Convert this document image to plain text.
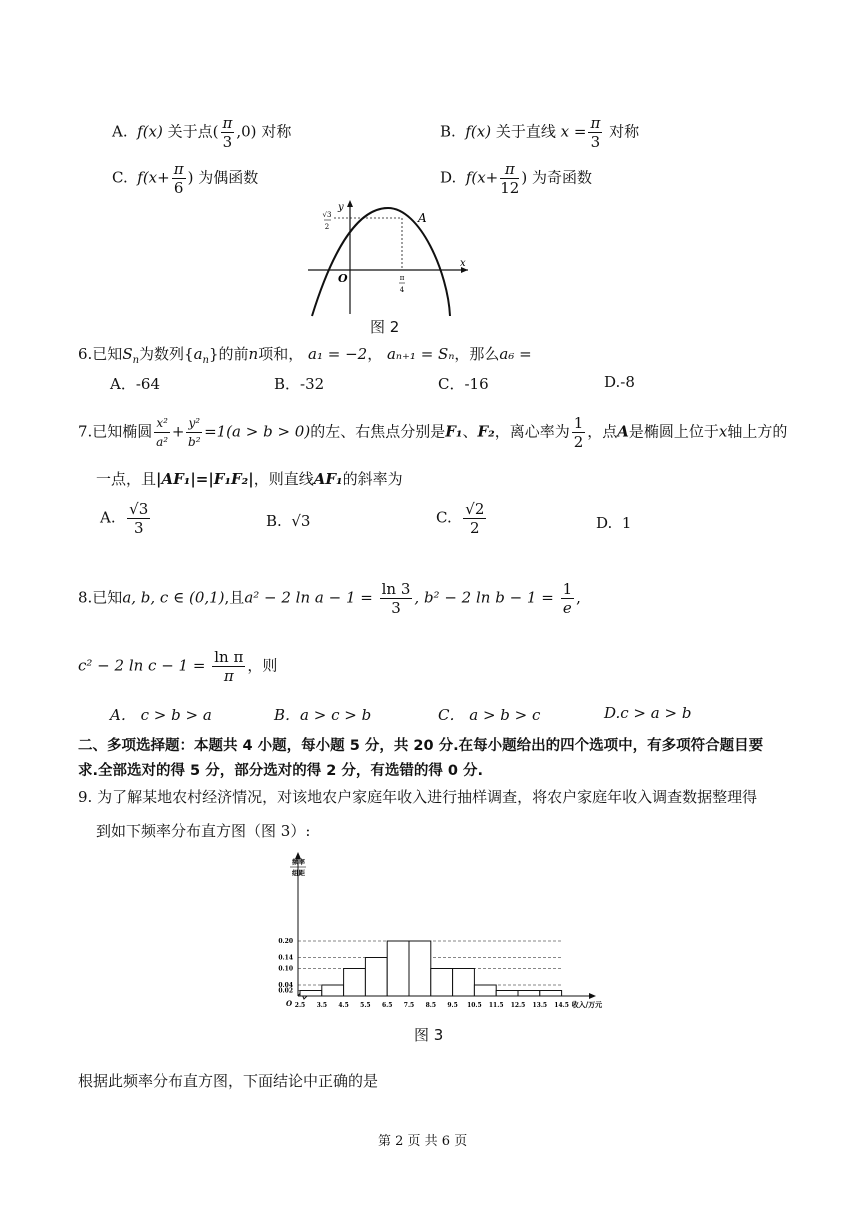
A. f(x) 关于点( $\frac{\pi}{3} ,0$) 对称	B. f(x) 关于直线 $x = \frac{\pi}{3}$ 对称
C. $f(x+ \frac{\pi}{6}$ ) 为偶函数	D. $f(x+ \frac{\pi}{12}$ ) 为奇函数
y
x
O
A
√3
2
π
4
图 2
6.已知$S_n$为数列$\{a_n\}$的前n项和， a₁ = −2， aₙ₊₁ = Sₙ，那么a₆ =
A．-64	B．-32	C．-16	D.-8
7.已知椭圆 $\frac{\text{x²}}{\text{a²}} + \frac{\text{y²}}{\text{b²}} =1(a > b > 0)$的左、右焦点分别是F₁、F₂，离心率为 $\frac{1}{2}$ ，点A是椭圆上位于x轴上方的
一点，且|AF₁|=|F₁F₂|，则直线AF₁的斜率为
A. $\frac{√3}{3}$	B. √3	C. $\frac{√2}{2}$	D. 1
8.已知a, b, c ∈ (0,1),且a² − 2 $\ln a - 1 = \frac{\ln 3}{3}$ , b² − 2 $\ln b - 1 = \frac{1}{e}$ ,
c² − 2 $\ln c - 1 = \frac{\text{ln π}}{\pi}$ ，则
A． c > b > a	B．a > c > b	C． a > b > c	D.c > a > b
二、多项选择题：本题共 4 小题，每小题 5 分，共 20 分.在每小题给出的四个选项中，有多项符合题目要
求.全部选对的得 5 分，部分选对的得 2 分，有选错的得 0 分.
9. 为了解某地农村经济情况，对该地农户家庭年收入进行抽样调查，将农户家庭年收入调查数据整理得
到如下频率分布直方图（图 3）:
频率
组距
0.02
0.04
0.10
0.14
0.20
2.5 3.5 4.5 5.5 6.5 7.5 8.5 9.5 10.5 11.5 12.5 13.5 14.5 收入/万元
O
图 3
根据此频率分布直方图，下面结论中正确的是
第 2 页 共 6 页
